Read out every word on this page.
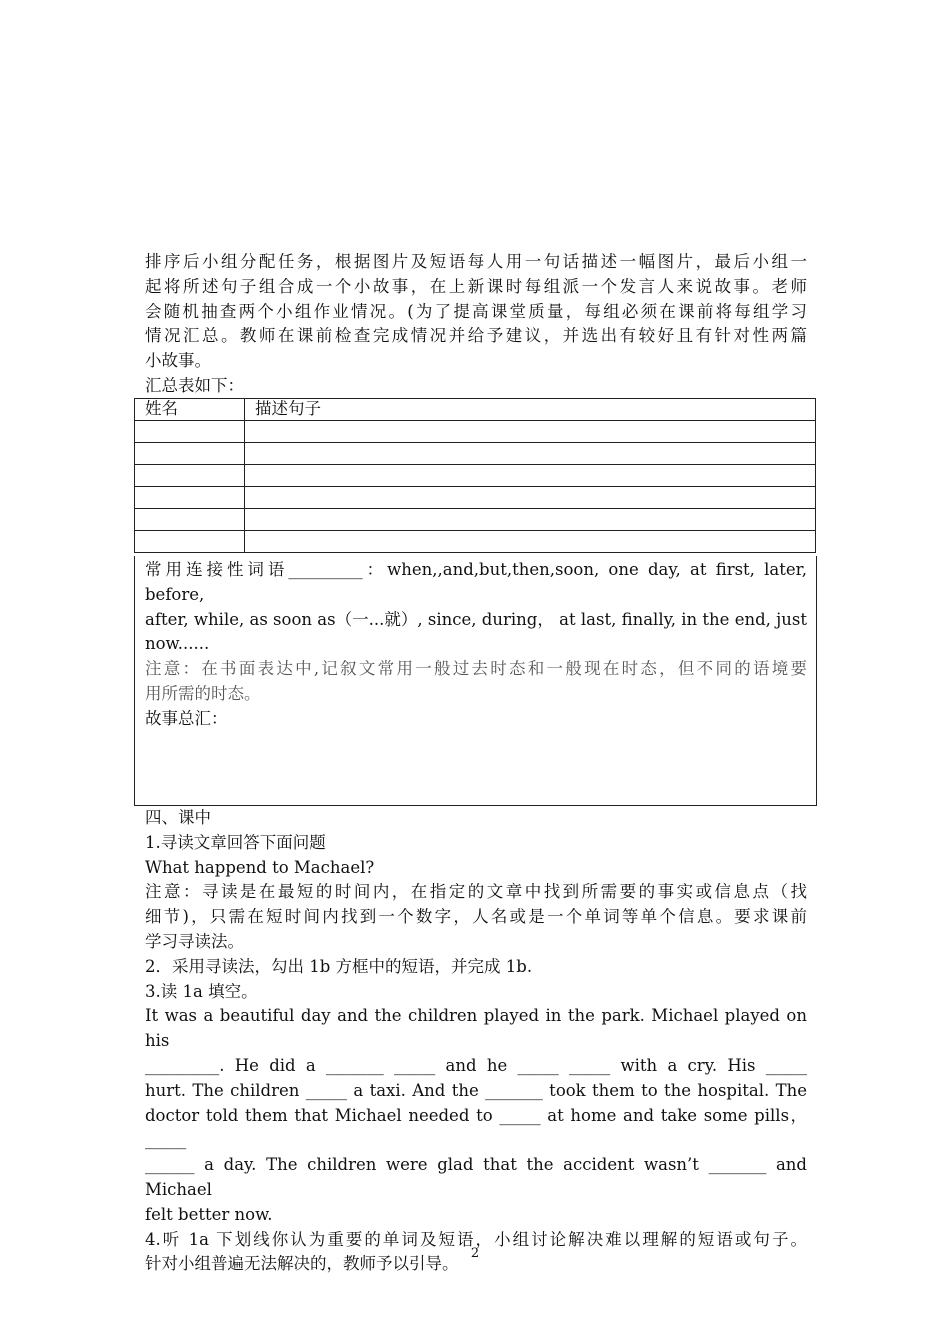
排序后小组分配任务，根据图片及短语每人用一句话描述一幅图片，最后小组一
起将所述句子组合成一个小故事，在上新课时每组派一个发言人来说故事。老师
会随机抽查两个小组作业情况。(为了提高课堂质量，每组必须在课前将每组学习
情况汇总。教师在课前检查完成情况并给予建议，并选出有较好且有针对性两篇
小故事。
汇总表如下：
姓名	描述句子

常用连接性词语_________：when,,and,but,then,soon, one day, at first, later, before,
after, while, as soon as（一...就）, since, during， at last, finally, in the end, just
now......
注意：在书面表达中,记叙文常用一般过去时态和一般现在时态，但不同的语境要
用所需的时态。
故事总汇：
四、课中
1.寻读文章回答下面问题
What happend to Machael?
注意：寻读是在最短的时间内，在指定的文章中找到所需要的事实或信息点（找
细节)，只需在短时间内找到一个数字，人名或是一个单词等单个信息。要求课前
学习寻读法。
2．采用寻读法，勾出 1b 方框中的短语，并完成 1b.
3.读 1a 填空。
It was a beautiful day and the children played in the park. Michael played on his
_________. He did a _______ _____ and he _____ _____ with a cry. His _____
hurt. The children _____ a taxi. And the _______ took them to the hospital. The
doctor told them that Michael needed to _____ at home and take some pills， _____
______ a day. The children were glad that the accident wasn’t _______ and Michael
felt better now.
4.听 1a 下划线你认为重要的单词及短语，小组讨论解决难以理解的短语或句子。
针对小组普遍无法解决的，教师予以引导。
2
